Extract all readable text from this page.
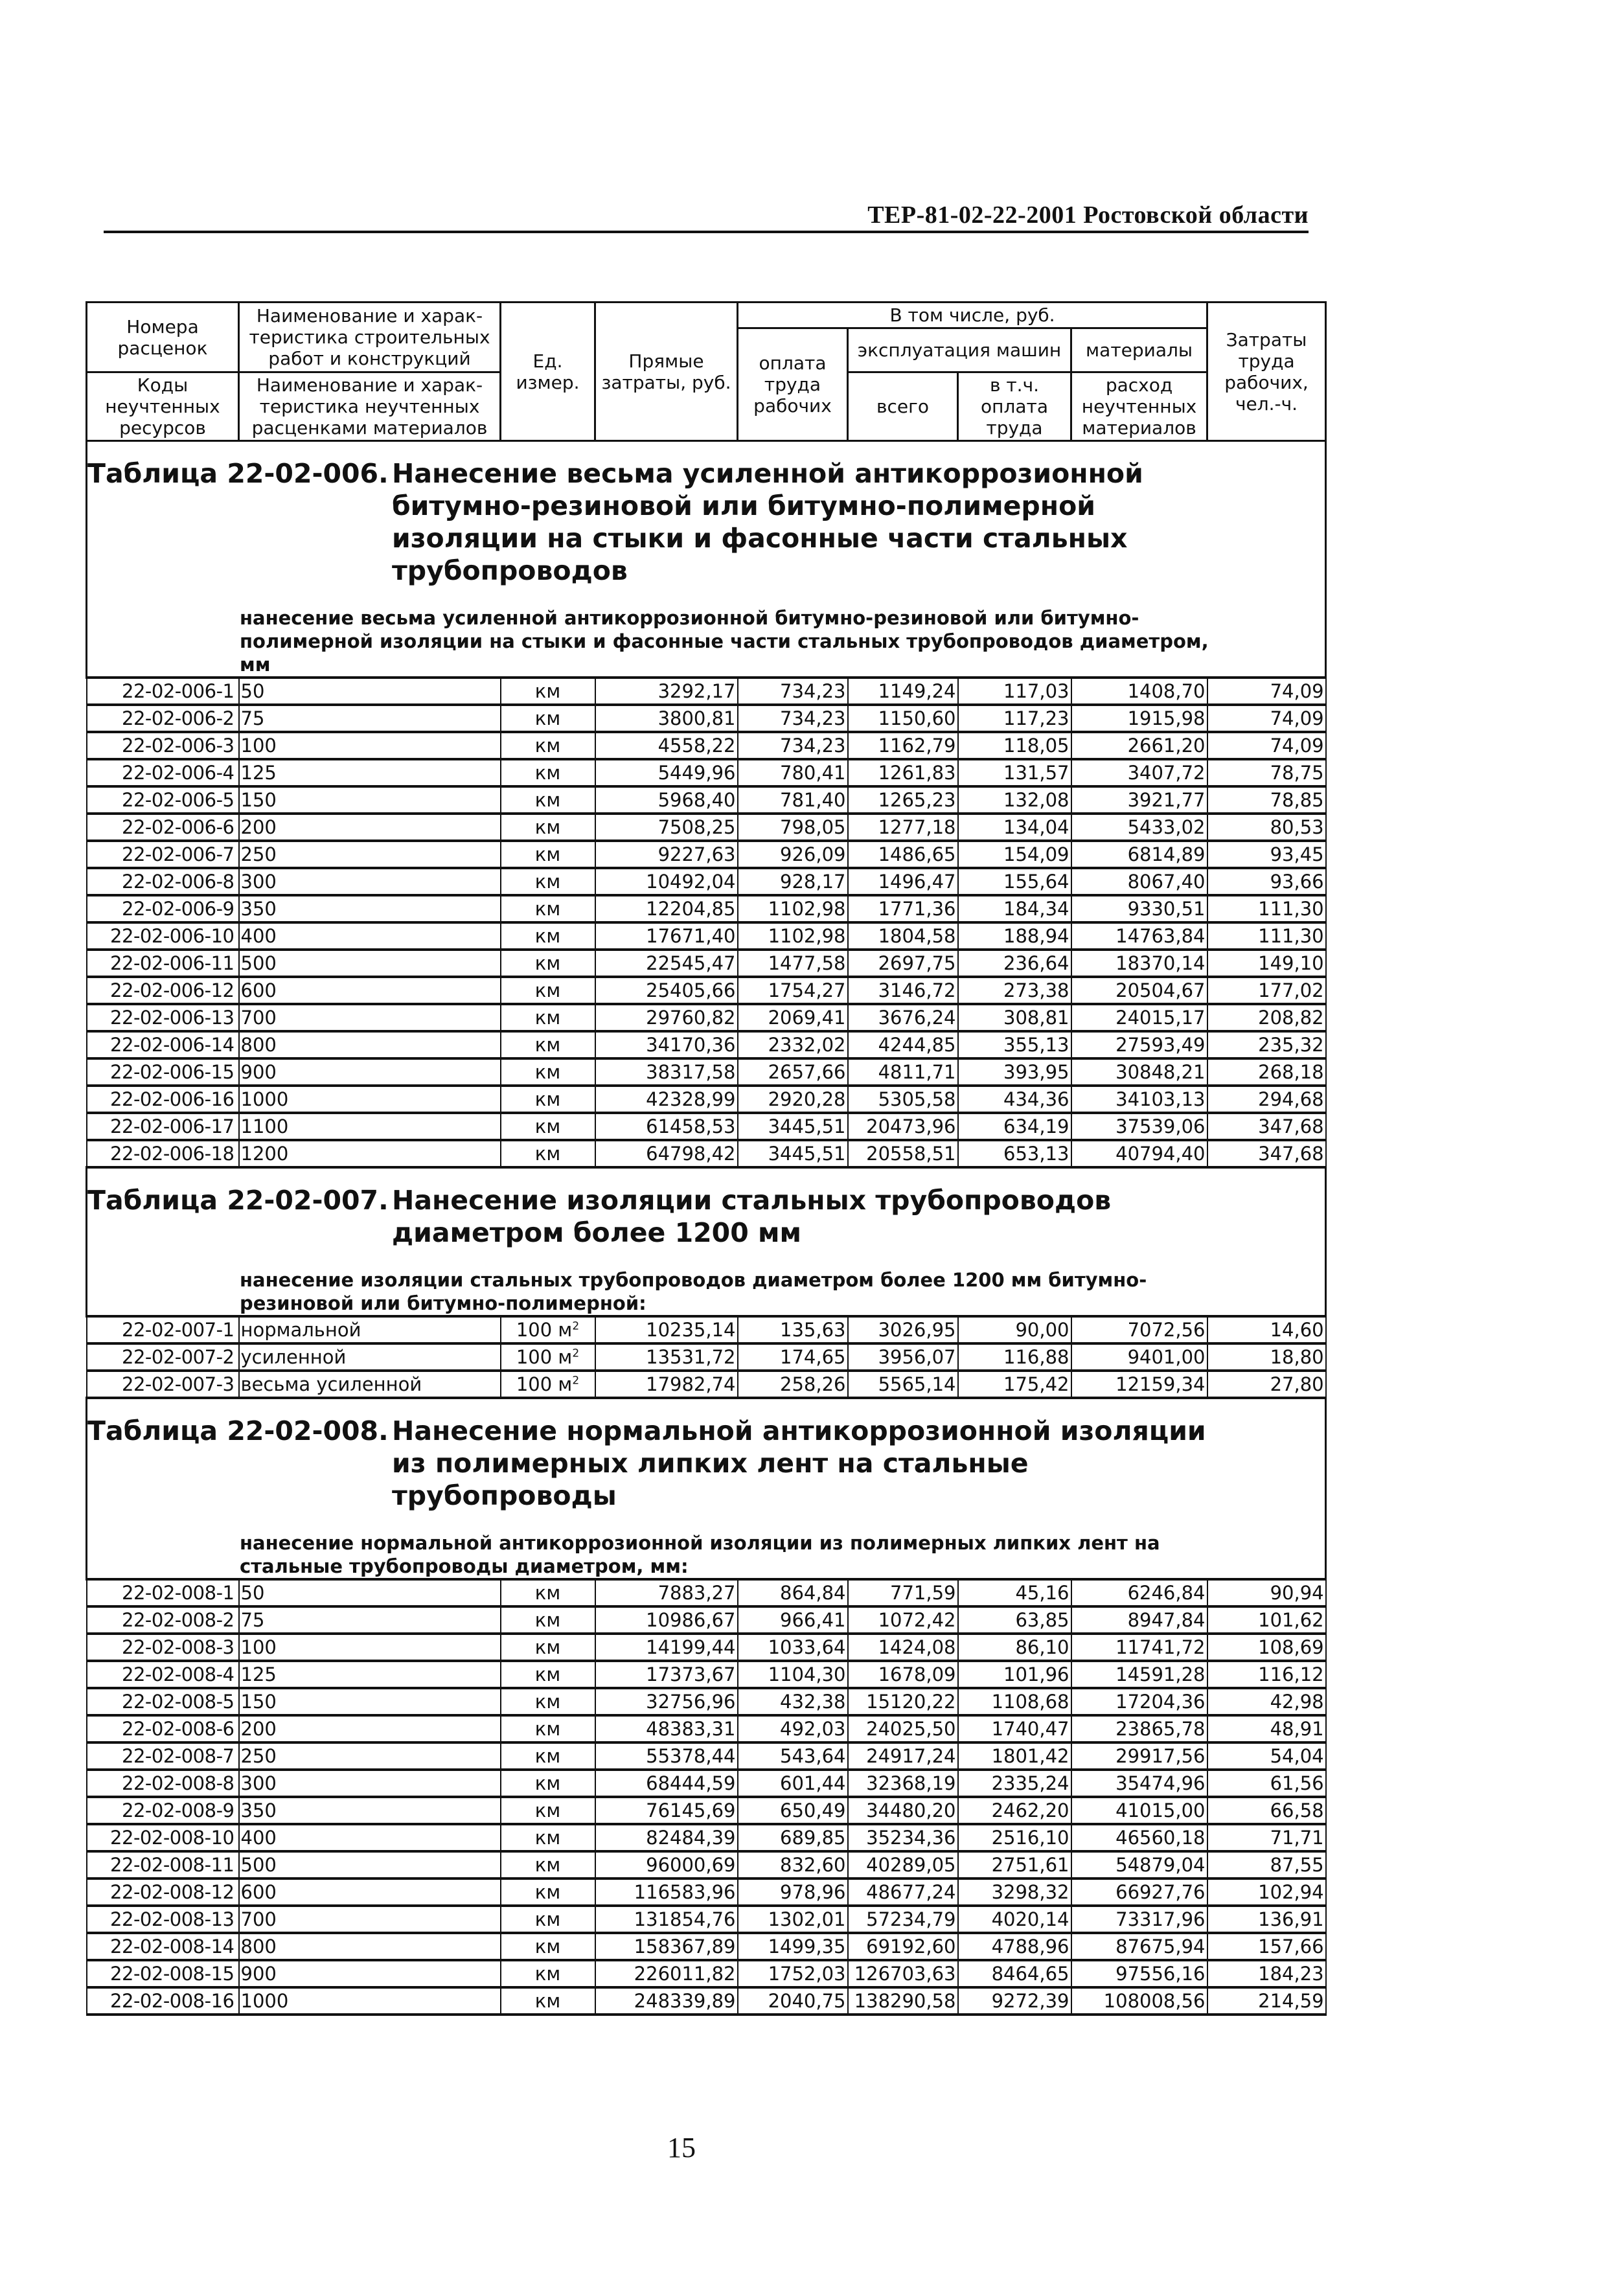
ТЕР-81-02-22-2001 Ростовской области
Номера расценок	Наименование и харак-теристика строительных работ и конструкций	Ед. измер.	Прямые затраты, руб.	В том числе, руб.				Затраты труда рабочих, чел.-ч.
				оплата труда рабочих	эксплуатация машин		материалы	
Коды неучтенных ресурсов	Наименование и харак-теристика неучтенных расценками материалов				всего	в т.ч. оплата труда	расход неучтенных материалов	

Таблица 22-02-006. Нанесение весьма усиленной антикоррозионной битумно-резиновой или битумно-полимерной изоляции на стыки и фасонные части стальных трубопроводов
нанесение весьма усиленной антикоррозионной битумно-резиновой или битумно-полимерной изоляции на стыки и фасонные части стальных трубопроводов диаметром, мм								

22-02-006-1	50	км	3292,17	734,23	1149,24	117,03	1408,70	74,09
22-02-006-2	75	км	3800,81	734,23	1150,60	117,23	1915,98	74,09
22-02-006-3	100	км	4558,22	734,23	1162,79	118,05	2661,20	74,09
22-02-006-4	125	км	5449,96	780,41	1261,83	131,57	3407,72	78,75
22-02-006-5	150	км	5968,40	781,40	1265,23	132,08	3921,77	78,85
22-02-006-6	200	км	7508,25	798,05	1277,18	134,04	5433,02	80,53
22-02-006-7	250	км	9227,63	926,09	1486,65	154,09	6814,89	93,45
22-02-006-8	300	км	10492,04	928,17	1496,47	155,64	8067,40	93,66
22-02-006-9	350	км	12204,85	1102,98	1771,36	184,34	9330,51	111,30
22-02-006-10	400	км	17671,40	1102,98	1804,58	188,94	14763,84	111,30
22-02-006-11	500	км	22545,47	1477,58	2697,75	236,64	18370,14	149,10
22-02-006-12	600	км	25405,66	1754,27	3146,72	273,38	20504,67	177,02
22-02-006-13	700	км	29760,82	2069,41	3676,24	308,81	24015,17	208,82
22-02-006-14	800	км	34170,36	2332,02	4244,85	355,13	27593,49	235,32
22-02-006-15	900	км	38317,58	2657,66	4811,71	393,95	30848,21	268,18
22-02-006-16	1000	км	42328,99	2920,28	5305,58	434,36	34103,13	294,68
22-02-006-17	1100	км	61458,53	3445,51	20473,96	634,19	37539,06	347,68
22-02-006-18	1200	км	64798,42	3445,51	20558,51	653,13	40794,40	347,68

Таблица 22-02-007. Нанесение изоляции стальных трубопроводов диаметром более 1200 мм
нанесение изоляции стальных трубопроводов диаметром более 1200 мм битумно-резиновой или битумно-полимерной:								

22-02-007-1	нормальной	100 $м^2$	10235,14	135,63	3026,95	90,00	7072,56	14,60
22-02-007-2	усиленной	100 $м^2$	13531,72	174,65	3956,07	116,88	9401,00	18,80
22-02-007-3	весьма усиленной	100 $м^2$	17982,74	258,26	5565,14	175,42	12159,34	27,80

Таблица 22-02-008. Нанесение нормальной антикоррозионной изоляции из полимерных липких лент на стальные трубопроводы
нанесение нормальной антикоррозионной изоляции из полимерных липких лент на стальные трубопроводы диаметром, мм:								

22-02-008-1	50	км	7883,27	864,84	771,59	45,16	6246,84	90,94
22-02-008-2	75	км	10986,67	966,41	1072,42	63,85	8947,84	101,62
22-02-008-3	100	км	14199,44	1033,64	1424,08	86,10	11741,72	108,69
22-02-008-4	125	км	17373,67	1104,30	1678,09	101,96	14591,28	116,12
22-02-008-5	150	км	32756,96	432,38	15120,22	1108,68	17204,36	42,98
22-02-008-6	200	км	48383,31	492,03	24025,50	1740,47	23865,78	48,91
22-02-008-7	250	км	55378,44	543,64	24917,24	1801,42	29917,56	54,04
22-02-008-8	300	км	68444,59	601,44	32368,19	2335,24	35474,96	61,56
22-02-008-9	350	км	76145,69	650,49	34480,20	2462,20	41015,00	66,58
22-02-008-10	400	км	82484,39	689,85	35234,36	2516,10	46560,18	71,71
22-02-008-11	500	км	96000,69	832,60	40289,05	2751,61	54879,04	87,55
22-02-008-12	600	км	116583,96	978,96	48677,24	3298,32	66927,76	102,94
22-02-008-13	700	км	131854,76	1302,01	57234,79	4020,14	73317,96	136,91
22-02-008-14	800	км	158367,89	1499,35	69192,60	4788,96	87675,94	157,66
22-02-008-15	900	км	226011,82	1752,03	126703,63	8464,65	97556,16	184,23
22-02-008-16	1000	км	248339,89	2040,75	138290,58	9272,39	108008,56	214,59
15
